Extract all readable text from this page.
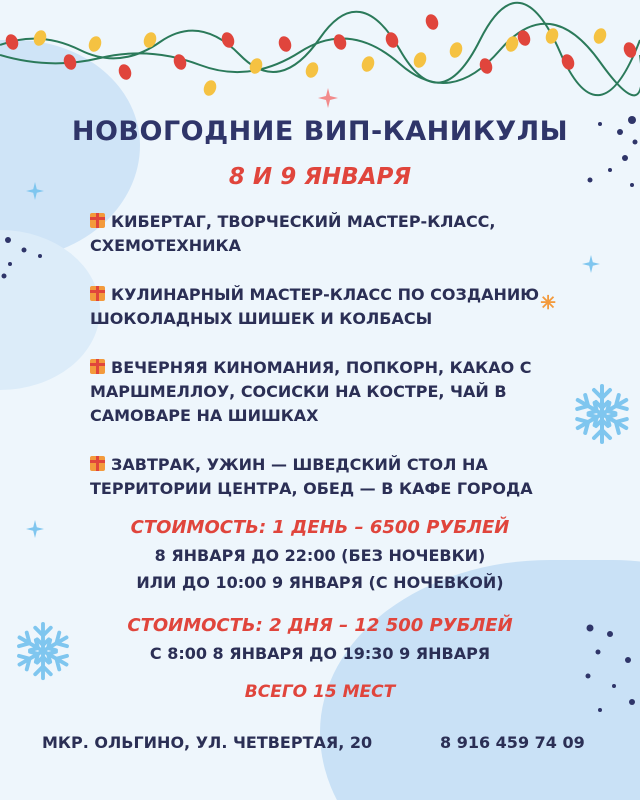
НОВОГОДНИЕ ВИП-КАНИКУЛЫ
8 И 9 ЯНВАРЯ
КИБЕРТАГ, ТВОРЧЕСКИЙ МАСТЕР-КЛАСС, СХЕМОТЕХНИКА
КУЛИНАРНЫЙ МАСТЕР-КЛАСС ПО СОЗДАНИЮ ШОКОЛАДНЫХ ШИШЕК И КОЛБАСЫ
ВЕЧЕРНЯЯ КИНОМАНИЯ, ПОПКОРН, КАКАО С МАРШМЕЛЛОУ, СОСИСКИ НА КОСТРЕ, ЧАЙ В САМОВАРЕ НА ШИШКАХ
ЗАВТРАК, УЖИН — ШВЕДСКИЙ СТОЛ НА ТЕРРИТОРИИ ЦЕНТРА, ОБЕД — В КАФЕ ГОРОДА
СТОИМОСТЬ: 1 ДЕНЬ – 6500 РУБЛЕЙ
8 ЯНВАРЯ ДО 22:00 (БЕЗ НОЧЕВКИ)
ИЛИ ДО 10:00 9 ЯНВАРЯ (С НОЧЕВКОЙ)
СТОИМОСТЬ: 2 ДНЯ – 12 500 РУБЛЕЙ
С 8:00 8 ЯНВАРЯ ДО 19:30 9 ЯНВАРЯ
ВСЕГО 15 МЕСТ
МКР. ОЛЬГИНО, УЛ. ЧЕТВЕРТАЯ, 20	8 916 459 74 09
